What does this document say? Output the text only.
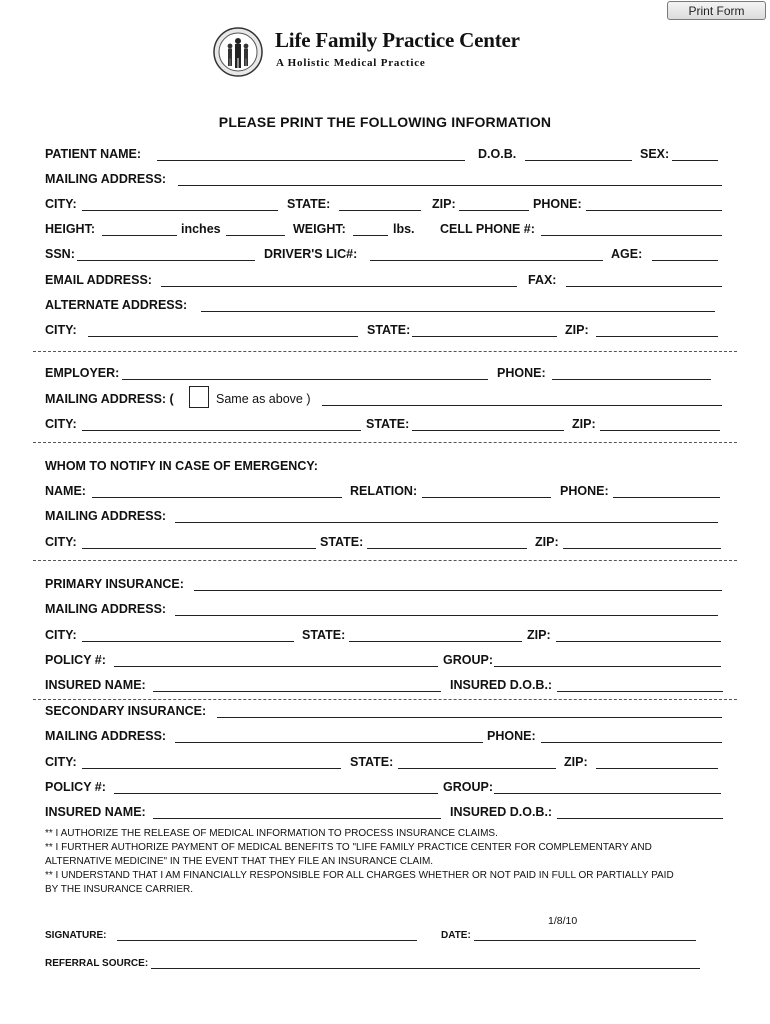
Print Form
Life Family Practice Center
A Holistic Medical Practice
PLEASE PRINT THE FOLLOWING INFORMATION
PATIENT NAME:	D.O.B.	SEX:
MAILING ADDRESS:
CITY:	STATE:	ZIP:	PHONE:
HEIGHT:	inches	WEIGHT:	lbs. CELL PHONE #:
SSN:	DRIVER'S LIC#:	AGE:
EMAIL ADDRESS:	FAX:
ALTERNATE ADDRESS:
CITY:	STATE:	ZIP:
EMPLOYER:	PHONE:
MAILING ADDRESS: (	Same as above )
CITY:	STATE:	ZIP:
WHOM TO NOTIFY IN CASE OF EMERGENCY:
NAME:	RELATION:	PHONE:
MAILING ADDRESS:
CITY:	STATE:	ZIP:
PRIMARY INSURANCE:
MAILING ADDRESS:
CITY:	STATE:	ZIP:
POLICY #:	GROUP:
INSURED NAME:	INSURED D.O.B.:
SECONDARY INSURANCE:
MAILING ADDRESS:	PHONE:
CITY:	STATE:	ZIP:
POLICY #:	GROUP:
INSURED NAME:	INSURED D.O.B.:
** I AUTHORIZE THE RELEASE OF MEDICAL INFORMATION TO PROCESS INSURANCE CLAIMS.
** I FURTHER AUTHORIZE PAYMENT OF MEDICAL BENEFITS TO "LIFE FAMILY PRACTICE CENTER FOR COMPLEMENTARY AND
ALTERNATIVE MEDICINE" IN THE EVENT THAT THEY FILE AN INSURANCE CLAIM.
** I UNDERSTAND THAT I AM FINANCIALLY RESPONSIBLE FOR ALL CHARGES WHETHER OR NOT PAID IN FULL OR PARTIALLY PAID
BY THE INSURANCE CARRIER.
1/8/10
SIGNATURE:	DATE:
REFERRAL SOURCE:
